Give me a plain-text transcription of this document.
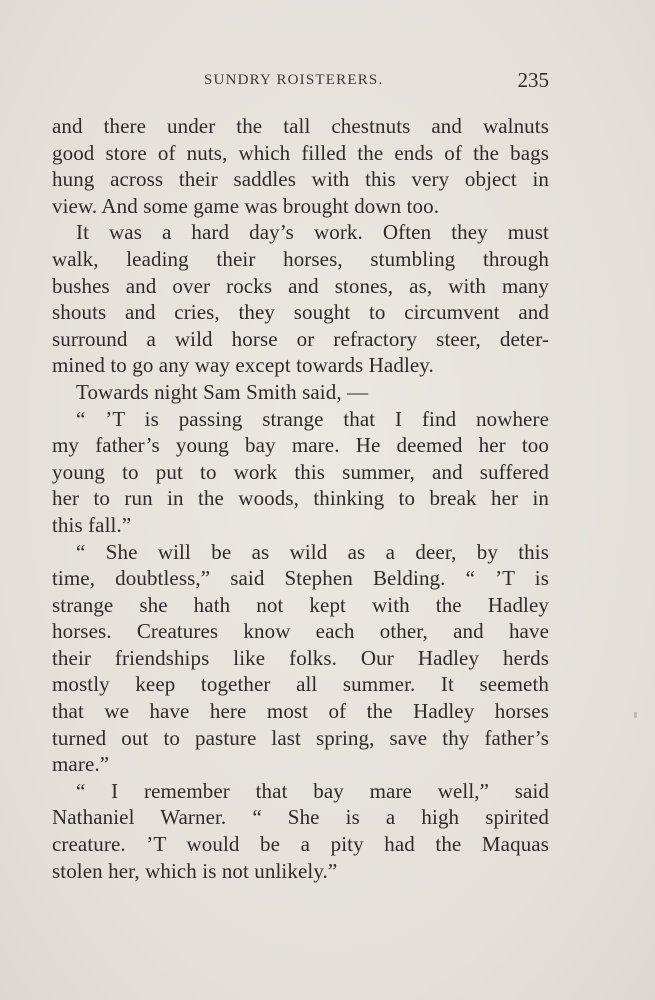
SUNDRY ROISTERERS.	235
and there under the tall chestnuts and walnuts
good store of nuts, which filled the ends of the bags
hung across their saddles with this very object in
view. And some game was brought down too.
It was a hard day’s work. Often they must
walk, leading their horses, stumbling through
bushes and over rocks and stones, as, with many
shouts and cries, they sought to circumvent and
surround a wild horse or refractory steer, deter-
mined to go any way except towards Hadley.
Towards night Sam Smith said, —
“ ’T is passing strange that I find nowhere
my father’s young bay mare. He deemed her too
young to put to work this summer, and suffered
her to run in the woods, thinking to break her in
this fall.”
“ She will be as wild as a deer, by this
time, doubtless,” said Stephen Belding. “ ’T is
strange she hath not kept with the Hadley
horses. Creatures know each other, and have
their friendships like folks. Our Hadley herds
mostly keep together all summer. It seemeth
that we have here most of the Hadley horses
turned out to pasture last spring, save thy father’s
mare.”
“ I remember that bay mare well,” said
Nathaniel Warner. “ She is a high spirited
creature. ’T would be a pity had the Maquas
stolen her, which is not unlikely.”
